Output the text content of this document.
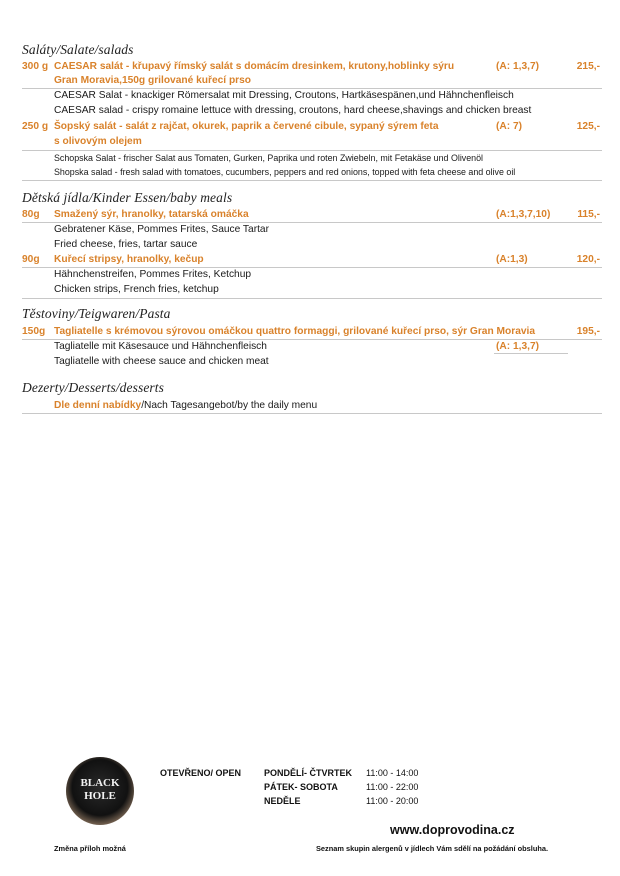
Saláty/Salate/salads
300 g CAESAR salát - křupavý římský salát s domácím dresinkem, krutony,hoblinky sýru	(A: 1,3,7)	215,-
Gran Moravia,150g grilované kuřecí prso
CAESAR Salat - knackiger Römersalat mit Dressing, Croutons, Hartkäsespänen,und Hähnchenfleisch
CAESAR salad - crispy romaine lettuce with dressing, croutons, hard cheese,shavings and chicken breast
250 g Šopský salát - salát z rajčat, okurek, paprik a červené cibule, sypaný sýrem feta	(A: 7)	125,-
s olivovým olejem
Schopska Salat - frischer Salat aus Tomaten, Gurken, Paprika und roten Zwiebeln, mit Fetakäse und Olivenöl
Shopska salad - fresh salad with tomatoes, cucumbers, peppers and red onions, topped with feta cheese and olive oil
Dětská jídla/Kinder Essen/baby meals
80g Smažený sýr, hranolky, tatarská omáčka	(A:1,3,7,10)	115,-
Gebratener Käse, Pommes Frites, Sauce Tartar
Fried cheese, fries, tartar sauce
90g Kuřecí stripsy, hranolky, kečup	(A:1,3)	120,-
Hähnchenstreifen, Pommes Frites, Ketchup
Chicken strips, French fries, ketchup
Těstoviny/Teigwaren/Pasta
150g Tagliatelle s krémovou sýrovou omáčkou quattro formaggi, grilované kuřecí prso, sýr Gran Moravia	195,-
Tagliatelle mit Käsesauce und Hähnchenfleisch	(A: 1,3,7)
Tagliatelle with cheese sauce and chicken meat
Dezerty/Desserts/desserts
Dle denní nabídky/Nach Tagesangebot/by the daily menu
BLACK
HOLE
OTEVŘENO/ OPEN	PONDĚLÍ- ČTVRTEK 11:00 - 14:00
PÁTEK- SOBOTA	11:00 - 22:00
NEDĚLE	11:00 - 20:00
www.doprovodina.cz
Změna příloh možná	Seznam skupin alergenů v jídlech Vám sdělí na požádání obsluha.
